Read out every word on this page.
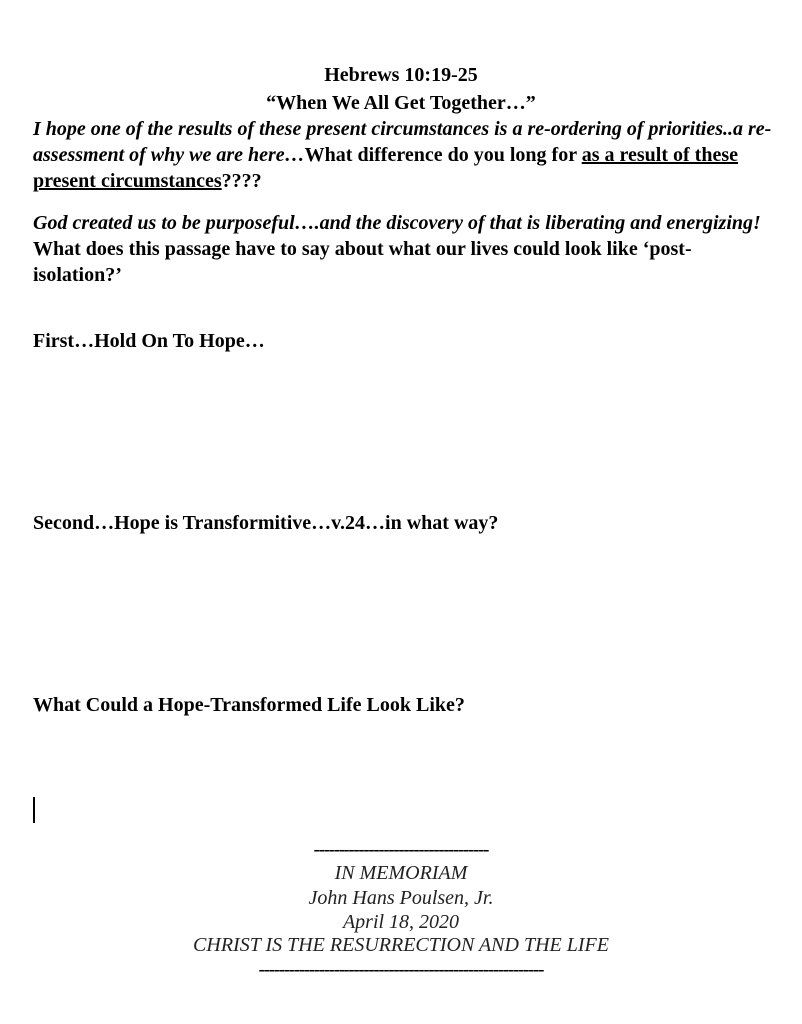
Hebrews 10:19-25
“When We All Get Together…”
I hope one of the results of these present circumstances is a re-ordering of priorities..a re-assessment of why we are here…What difference do you long for as a result of these present circumstances????
God created us to be purposeful….and the discovery of that is liberating and energizing!
What does this passage have to say about what our lives could look like ‘post-isolation?’
First…Hold On To Hope…
Second…Hope is Transformitive…v.24…in what way?
What Could a Hope-Transformed Life Look Like?
-----------------------------------
IN MEMORIAM
John Hans Poulsen, Jr.
April 18, 2020
CHRIST IS THE RESURRECTION AND THE LIFE
---------------------------------------------------------
